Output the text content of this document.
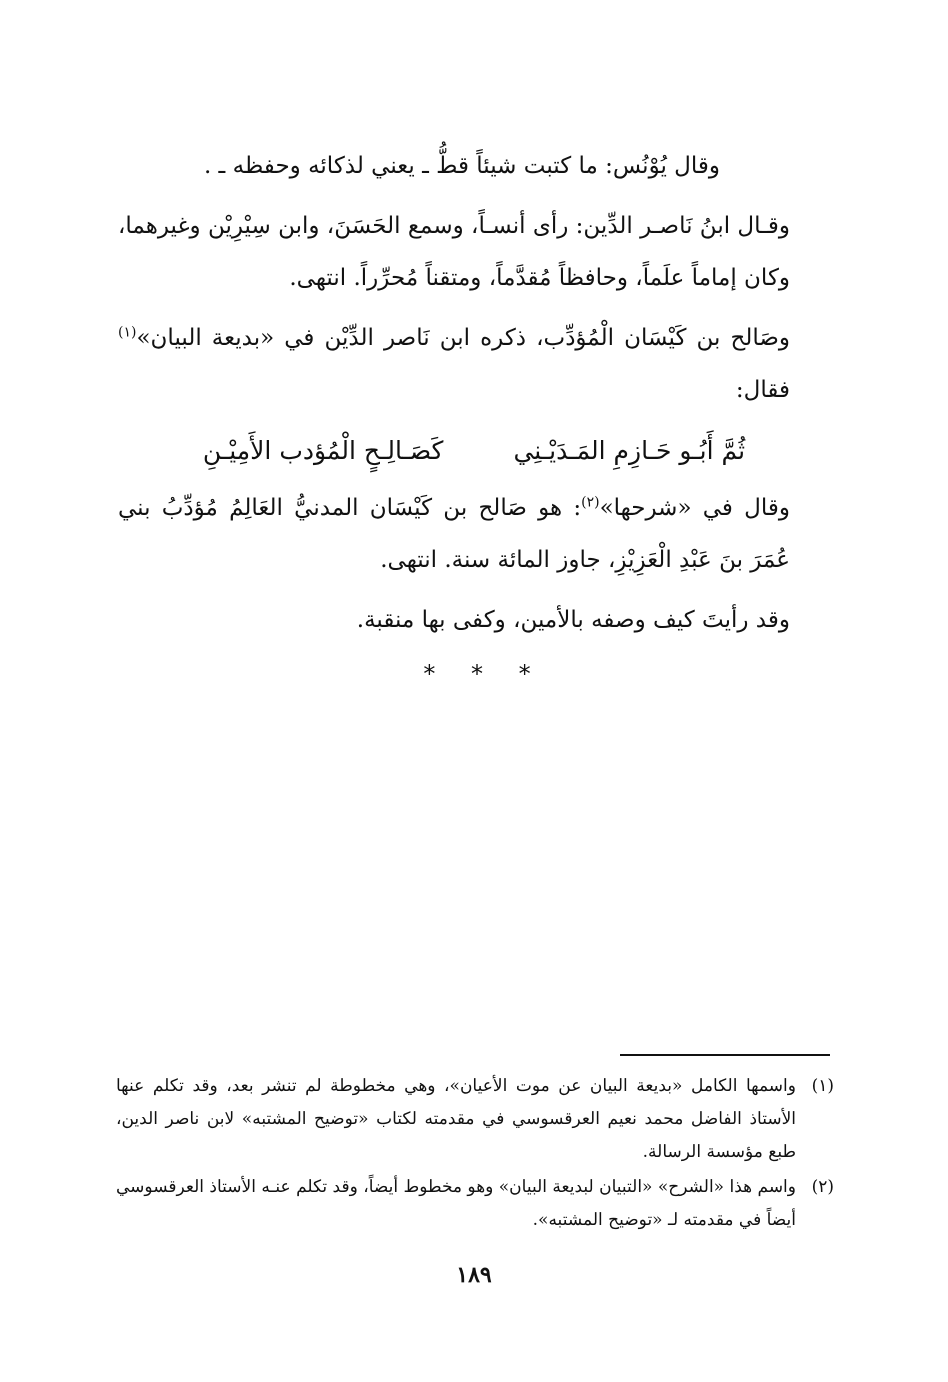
وقال يُوْنُس: ما كتبت شيئاً قطُّ ـ يعني لذكائه وحفظه ـ .

وقـال ابنُ نَاصـر الدِّين: رأى أنسـاً، وسمع الحَسَنَ، وابن سِيْرِيْن وغيرهما، وكان إماماً علَماً، وحافظاً مُقدَّماً، ومتقناً مُحرِّراً. انتهى.

وصَالح بن كَيْسَان الْمُؤدِّب، ذكره ابن نَاصر الدِّيْن في «بديعة البيان»$^{(١)}$ فقال:

ثُمَّ أَبُـو حَـازِمِ المَـدَيْـنِي
كَصَـالِـحٍ الْمُؤدب الأَمِيْـنِ

وقال في «شرحها»$^{(٢)}$: هو صَالح بن كَيْسَان المدنيُّ العَالِمُ مُؤدِّبُ بني عُمَرَ بنَ عَبْدِ الْعَزِيْزِ، جاوز المائة سنة. انتهى.

وقد رأيتَ كيف وصفه بالأمين، وكفى بها منقبة.

* * *

(١)
واسمها الكامل «بديعة البيان عن موت الأعيان»، وهي مخطوطة لم تنشر بعد، وقد تكلم عنها الأستاذ الفاضل محمد نعيم العرقسوسي في مقدمته لكتاب «توضيح المشتبه» لابن ناصر الدين، طبع مؤسسة الرسالة.

(٢)
واسم هذا «الشرح» «التبيان لبديعة البيان» وهو مخطوط أيضاً، وقد تكلم عنـه الأستاذ العرقسوسي أيضاً في مقدمته لـ «توضيح المشتبه».

١٨٩
